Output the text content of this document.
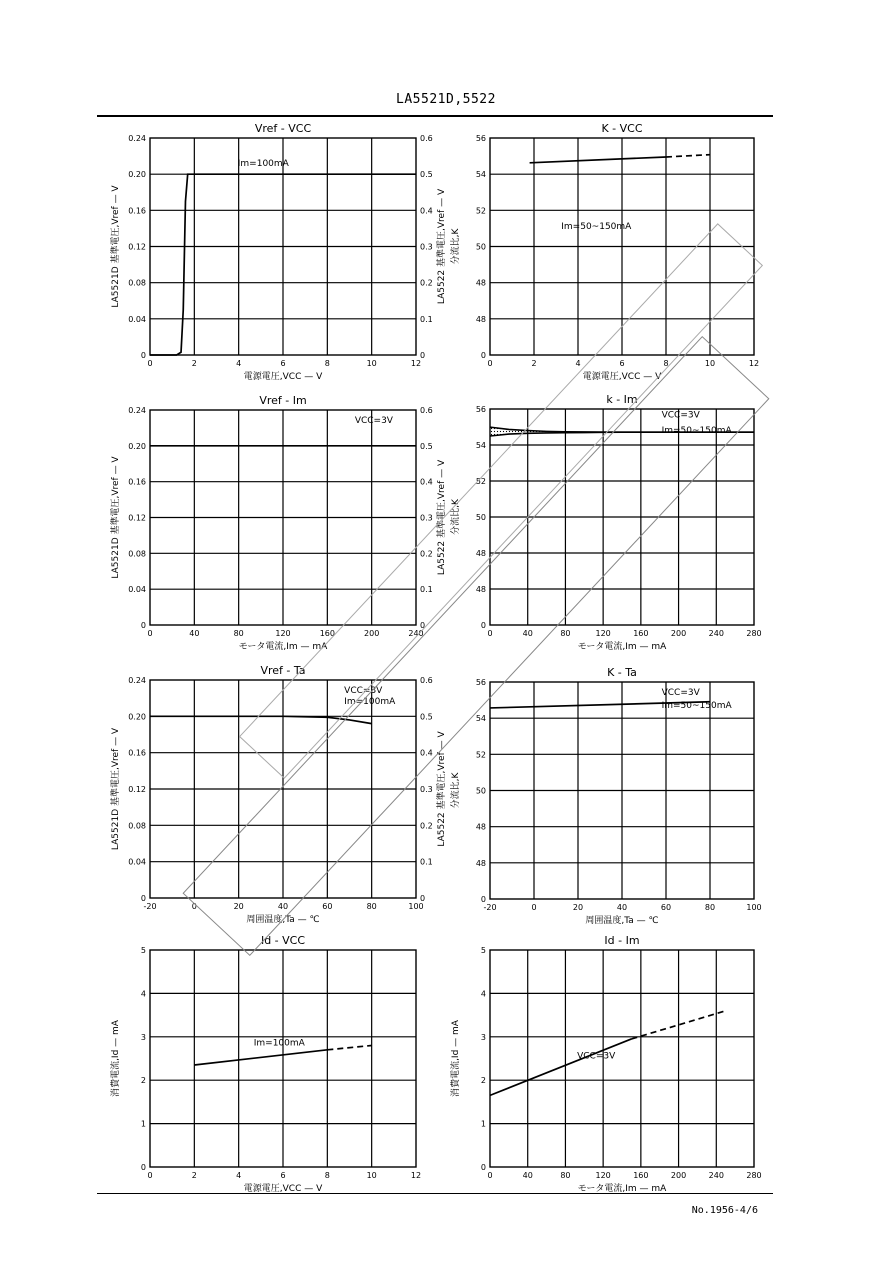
LA5521D,5522
No.1956-4/6
0	2	4	6	8	10	12
0
0.04
0.08
0.12
0.16
0.20
0.24
0
0.1
0.2
0.3
0.4
0.5
0.6
Vref - VCC
電源電圧,VCC — V
LA5521D 基準電圧,Vref — V	LA5522 基準電圧,Vref — V
Im=100mA
0	2	4	6	8	10	12
0
48
48
50
52
54
56
K - VCC
電源電圧,VCC — V
分流比,K
Im=50~150mA
0	40	80	120	160	200	240
0
0.04
0.08
0.12
0.16
0.20
0.24
0
0.1
0.2
0.3
0.4
0.5
0.6
Vref - Im
モータ電流,Im — mA
LA5521D 基準電圧,Vref — V	LA5522 基準電圧,Vref — V
VCC=3V
0	40	80	120	160	200	240	280
0
48
48
50
52
54
56
k - Im
モータ電流,Im — mA
分流比,K
VCC=3V
Im=50~150mA
-20	0	20	40	60	80	100
0
0.04
0.08
0.12
0.16
0.20
0.24
0
0.1
0.2
0.3
0.4
0.5
0.6
Vref - Ta
周囲温度,Ta — ℃
LA5521D 基準電圧,Vref — V	LA5522 基準電圧,Vref — V
VCC=3V
Im=100mA
-20	0	20	40	60	80	100
0
48
48
50
52
54
56
K - Ta
周囲温度,Ta — ℃
分流比,K
VCC=3V
Im=50~150mA
0	2	4	6	8	10	12
0
1
2
3
4
5
Id - VCC
電源電圧,VCC — V
消費電流,Id — mA	Im=100mA
0	40	80	120	160	200	240	280
0
1
2
3
4
5
Id - Im
モータ電流,Im — mA
消費電流,Id — mA	VCC=3V
